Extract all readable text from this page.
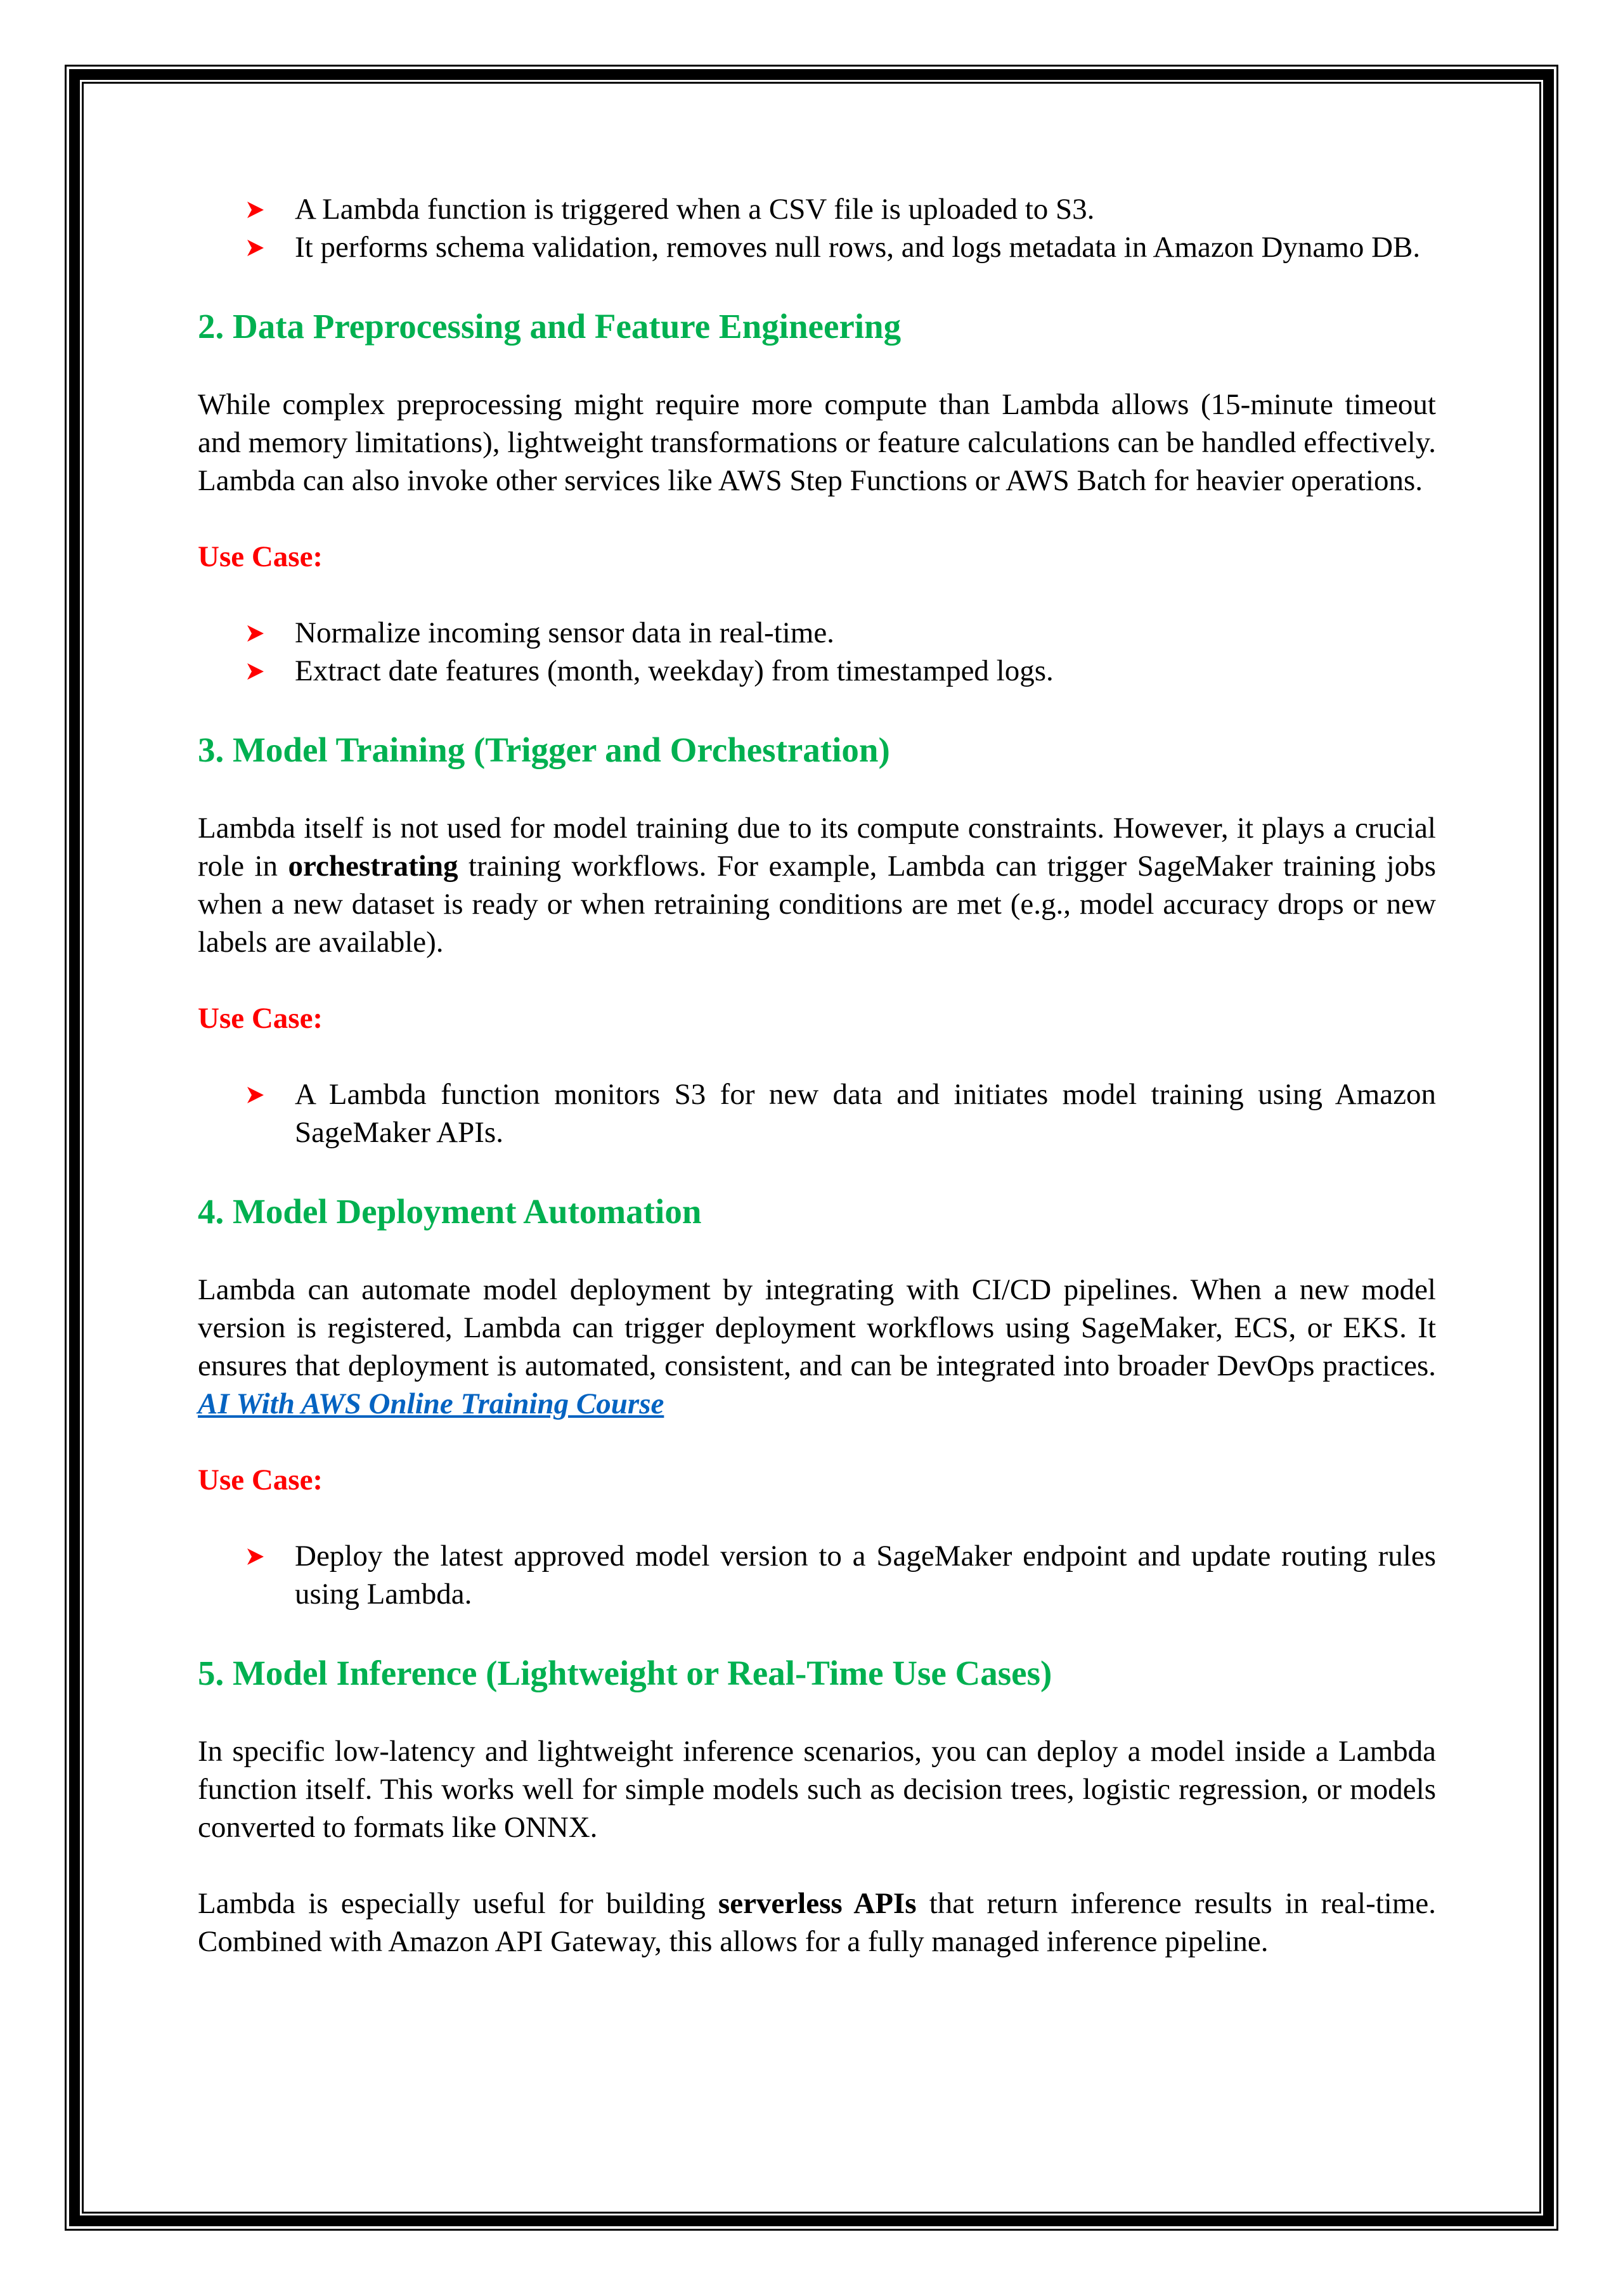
A Lambda function is triggered when a CSV file is uploaded to S3.
It performs schema validation, removes null rows, and logs metadata in Amazon Dynamo DB.
2. Data Preprocessing and Feature Engineering

While complex preprocessing might require more compute than Lambda allows (15-minute timeout and memory limitations), lightweight transformations or feature calculations can be handled effectively. Lambda can also invoke other services like AWS Step Functions or AWS Batch for heavier operations.

Use Case:

Normalize incoming sensor data in real-time.
Extract date features (month, weekday) from timestamped logs.
3. Model Training (Trigger and Orchestration)

Lambda itself is not used for model training due to its compute constraints. However, it plays a crucial role in orchestrating training workflows. For example, Lambda can trigger SageMaker training jobs when a new dataset is ready or when retraining conditions are met (e.g., model accuracy drops or new labels are available).

Use Case:

A Lambda function monitors S3 for new data and initiates model training using Amazon SageMaker APIs.
4. Model Deployment Automation

Lambda can automate model deployment by integrating with CI/CD pipelines. When a new model version is registered, Lambda can trigger deployment workflows using SageMaker, ECS, or EKS. It ensures that deployment is automated, consistent, and can be integrated into broader DevOps practices. AI With AWS Online Training Course

Use Case:

Deploy the latest approved model version to a SageMaker endpoint and update routing rules using Lambda.
5. Model Inference (Lightweight or Real-Time Use Cases)

In specific low-latency and lightweight inference scenarios, you can deploy a model inside a Lambda function itself. This works well for simple models such as decision trees, logistic regression, or models converted to formats like ONNX.

Lambda is especially useful for building serverless APIs that return inference results in real-time. Combined with Amazon API Gateway, this allows for a fully managed inference pipeline.
